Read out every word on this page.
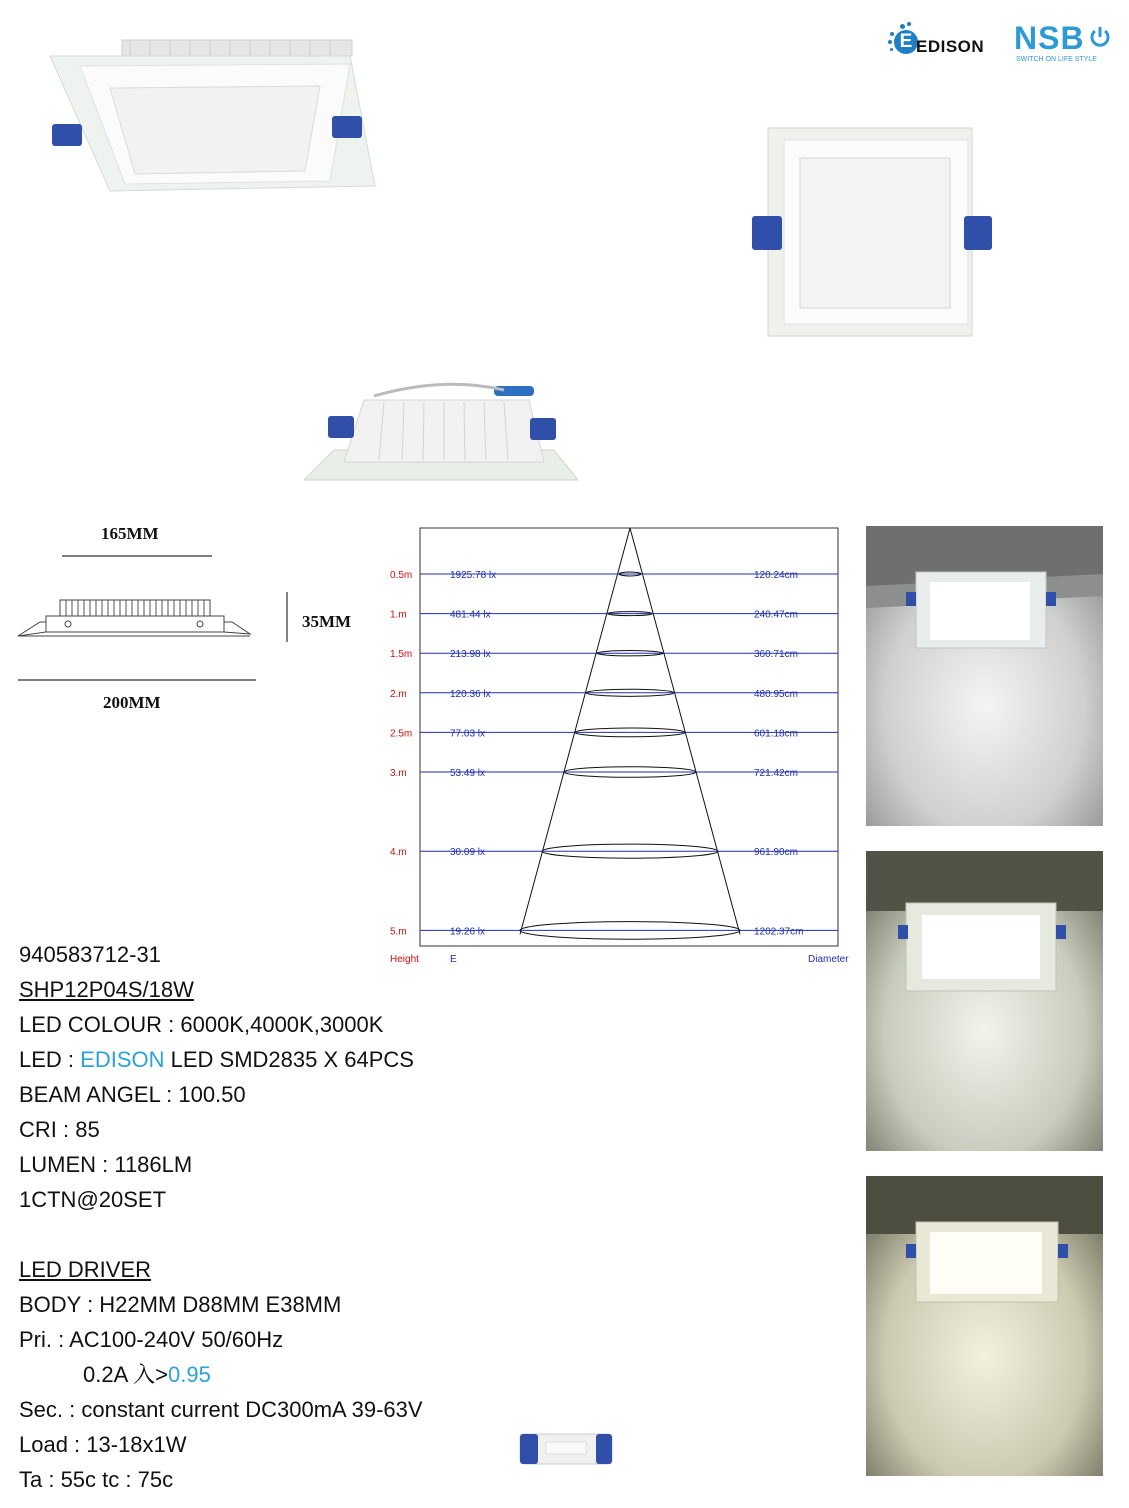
E EDISON NSB
SWITCH ON LIFE STYLE
165MM
35MM
200MM
0.5m	1925.78 lx	120.24cm
1.m	481.44 lx	240.47cm
1.5m	213.98 lx	360.71cm
2.m	120.36 lx	480.95cm
2.5m	77.03 lx	601.18cm
3.m	53.49 lx	721.42cm
4.m	30.09 lx	961.90cm
5.m	19.26 lx	1202.37cm
Height	E	Diameter
940583712-31
SHP12P04S/18W
LED COLOUR : 6000K,4000K,3000K
LED : EDISON LED SMD2835 X 64PCS
BEAM ANGEL : 100.50
CRI : 85
LUMEN : 1186LM
1CTN@20SET
LED DRIVER
BODY : H22MM D88MM E38MM
Pri. : AC100-240V 50/60Hz
0.2A 入>0.95
Sec. : constant current DC300mA 39-63V
Load : 13-18x1W
Ta : 55c tc : 75c
